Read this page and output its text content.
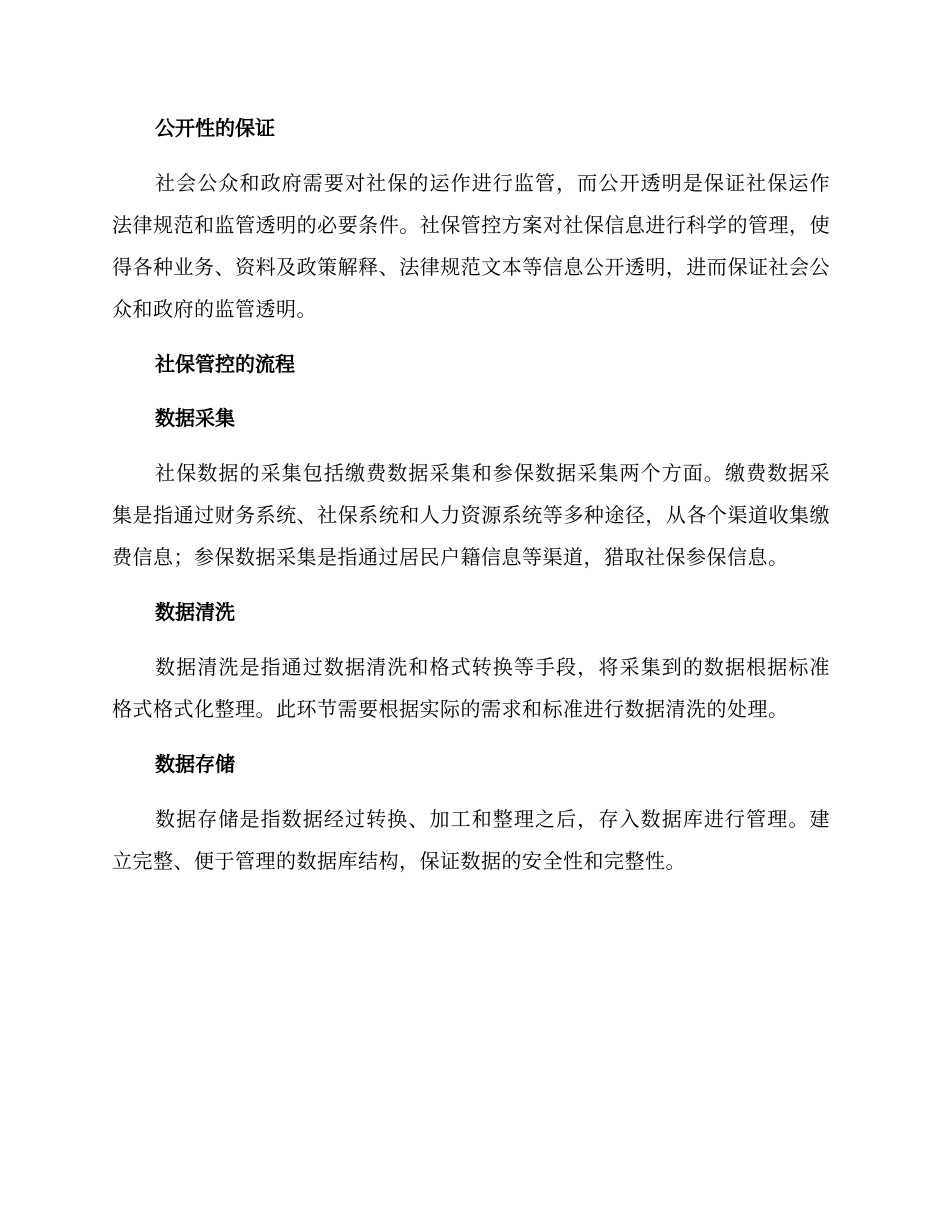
公开性的保证

社会公众和政府需要对社保的运作进行监管，而公开透明是保证社保运作法律规范和监管透明的必要条件。社保管控方案对社保信息进行科学的管理，使得各种业务、资料及政策解释、法律规范文本等信息公开透明，进而保证社会公众和政府的监管透明。

社保管控的流程
数据采集

社保数据的采集包括缴费数据采集和参保数据采集两个方面。缴费数据采集是指通过财务系统、社保系统和人力资源系统等多种途径，从各个渠道收集缴费信息；参保数据采集是指通过居民户籍信息等渠道，猎取社保参保信息。

数据清洗

数据清洗是指通过数据清洗和格式转换等手段，将采集到的数据根据标准格式格式化整理。此环节需要根据实际的需求和标准进行数据清洗的处理。

数据存储

数据存储是指数据经过转换、加工和整理之后，存入数据库进行管理。建立完整、便于管理的数据库结构，保证数据的安全性和完整性。
